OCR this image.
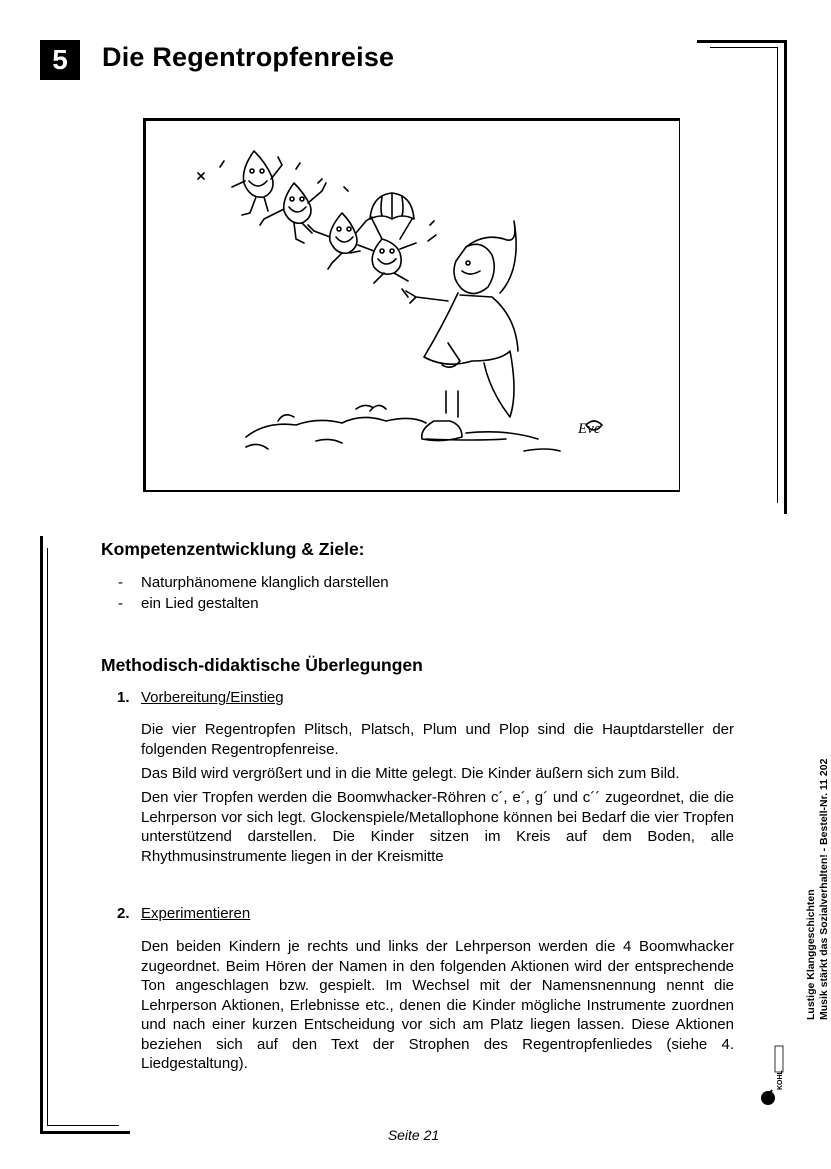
5 Die Regentropfenreise
Eve
Kompetenzentwicklung & Ziele:
-	Naturphänomene klanglich darstellen
-	ein Lied gestalten
Methodisch-didaktische Überlegungen
1. Vorbereitung/Einstieg

Die vier Regentropfen Plitsch, Platsch, Plum und Plop sind die Hauptdarsteller der folgenden Regentropfenreise.

Das Bild wird vergrößert und in die Mitte gelegt. Die Kinder äußern sich zum Bild.

Den vier Tropfen werden die Boomwhacker-Röhren c´, e´, g´ und c´´ zugeordnet, die die Lehrperson vor sich legt. Glockenspiele/Metallophone können bei Bedarf die vier Tropfen unterstützend darstellen. Die Kinder sitzen im Kreis auf dem Boden, alle Rhythmusinstrumente liegen in der Kreismitte

2. Experimentieren

Den beiden Kindern je rechts und links der Lehrperson werden die 4 Boomwhacker zugeordnet. Beim Hören der Namen in den folgenden Aktionen wird der entsprechende Ton angeschlagen bzw. gespielt. Im Wechsel mit der Namensnennung nennt die Lehrperson Aktionen, Erlebnisse etc., denen die Kinder mögliche Instrumente zuordnen und nach einer kurzen Entscheidung vor sich am Platz liegen lassen. Diese Aktionen beziehen sich auf den Text der Strophen des Regentropfenliedes (siehe 4. Liedgestaltung).

Lustige Klanggeschichten Musik stärkt das Sozialverhalten! - Bestell-Nr. 11 202
KOHL
Seite 21
